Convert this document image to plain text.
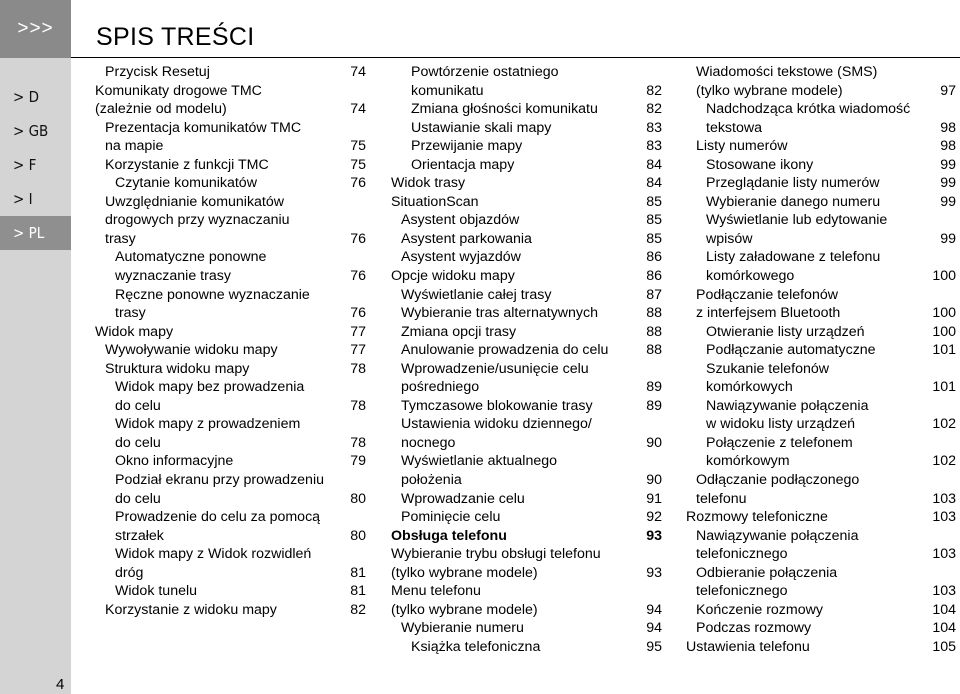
>>>
> D
> GB
> F
> I
> PL
4
SPIS TREŚCI
Przycisk Resetuj	74
Komunikaty drogowe TMC
(zależnie od modelu)	74
Prezentacja komunikatów TMC
na mapie	75
Korzystanie z funkcji TMC	75
Czytanie komunikatów	76
Uwzględnianie komunikatów
drogowych przy wyznaczaniu
trasy	76
Automatyczne ponowne
wyznaczanie trasy	76
Ręczne ponowne wyznaczanie
trasy	76
Widok mapy	77
Wywoływanie widoku mapy	77
Struktura widoku mapy	78
Widok mapy bez prowadzenia
do celu	78
Widok mapy z prowadzeniem
do celu	78
Okno informacyjne	79
Podział ekranu przy prowadzeniu
do celu	80
Prowadzenie do celu za pomocą
strzałek	80
Widok mapy z Widok rozwidleń
dróg	81
Widok tunelu	81
Korzystanie z widoku mapy	82
Powtórzenie ostatniego
komunikatu	82
Zmiana głośności komunikatu	82
Ustawianie skali mapy	83
Przewijanie mapy	83
Orientacja mapy	84
Widok trasy	84
SituationScan	85
Asystent objazdów	85
Asystent parkowania	85
Asystent wyjazdów	86
Opcje widoku mapy	86
Wyświetlanie całej trasy	87
Wybieranie tras alternatywnych	88
Zmiana opcji trasy	88
Anulowanie prowadzenia do celu	88
Wprowadzenie/usunięcie celu
pośredniego	89
Tymczasowe blokowanie trasy	89
Ustawienia widoku dziennego/
nocnego	90
Wyświetlanie aktualnego
położenia	90
Wprowadzanie celu	91
Pominięcie celu	92
Obsługa telefonu	93
Wybieranie trybu obsługi telefonu
(tylko wybrane modele)	93
Menu telefonu
(tylko wybrane modele)	94
Wybieranie numeru	94
Książka telefoniczna	95
Wiadomości tekstowe (SMS)
(tylko wybrane modele)	97
Nadchodząca krótka wiadomość
tekstowa	98
Listy numerów	98
Stosowane ikony	99
Przeglądanie listy numerów	99
Wybieranie danego numeru	99
Wyświetlanie lub edytowanie
wpisów	99
Listy załadowane z telefonu
komórkowego	100
Podłączanie telefonów
z interfejsem Bluetooth	100
Otwieranie listy urządzeń	100
Podłączanie automatyczne	101
Szukanie telefonów
komórkowych	101
Nawiązywanie połączenia
w widoku listy urządzeń	102
Połączenie z telefonem
komórkowym	102
Odłączanie podłączonego
telefonu	103
Rozmowy telefoniczne	103
Nawiązywanie połączenia
telefonicznego	103
Odbieranie połączenia
telefonicznego	103
Kończenie rozmowy	104
Podczas rozmowy	104
Ustawienia telefonu	105
